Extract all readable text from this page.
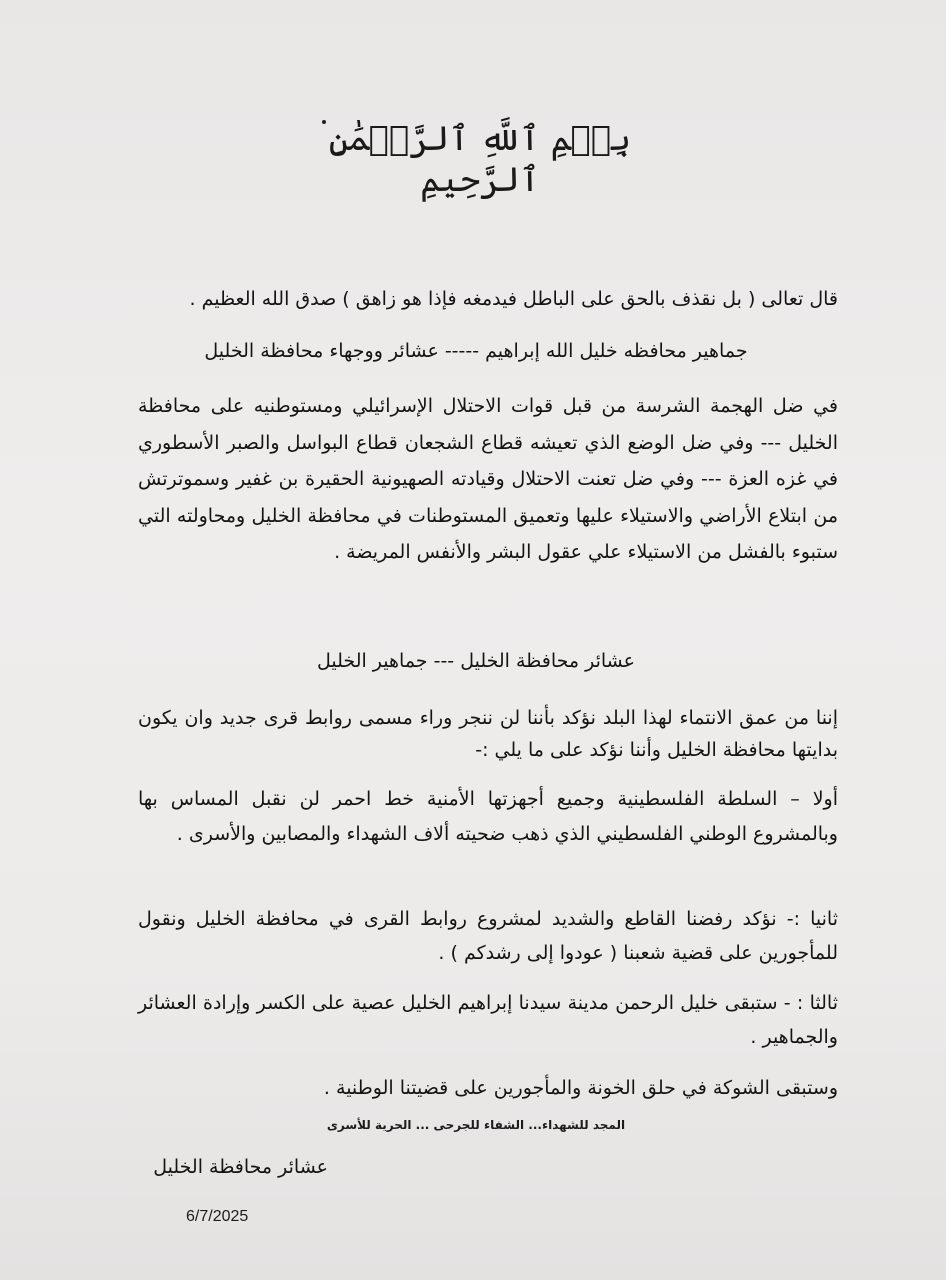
بِسۡمِ ٱللَّهِ ٱلرَّحۡمَٰنِ ٱلرَّحِيمِ
قال تعالى ( بل نقذف بالحق على الباطل فيدمغه فإذا هو زاهق ) صدق الله العظيم .
جماهير محافظه خليل الله إبراهيم ----- عشائر ووجهاء محافظة الخليل
في ضل الهجمة الشرسة من قبل قوات الاحتلال الإسرائيلي ومستوطنيه على محافظة الخليل --- وفي ضل الوضع الذي تعيشه قطاع الشجعان قطاع البواسل والصبر الأسطوري في غزه العزة --- وفي ضل تعنت الاحتلال وقيادته الصهيونية الحقيرة بن غفير وسموترتش من ابتلاع الأراضي والاستيلاء عليها وتعميق المستوطنات في محافظة الخليل ومحاولته التي ستبوء بالفشل من الاستيلاء علي عقول البشر والأنفس المريضة .
عشائر محافظة الخليل --- جماهير الخليل
إننا من عمق الانتماء لهذا البلد نؤكد بأننا لن ننجر وراء مسمى روابط قرى جديد وان يكون بدايتها محافظة الخليل وأننا نؤكد على ما يلي :-
أولا – السلطة الفلسطينية وجميع أجهزتها الأمنية خط احمر لن نقبل المساس بها وبالمشروع الوطني الفلسطيني الذي ذهب ضحيته ألاف الشهداء والمصابين والأسرى .
ثانيا :- نؤكد رفضنا القاطع والشديد لمشروع روابط القرى في محافظة الخليل ونقول للمأجورين على قضية شعبنا ( عودوا إلى رشدكم ) .
ثالثا : - ستبقى خليل الرحمن مدينة سيدنا إبراهيم الخليل عصية على الكسر وإرادة العشائر والجماهير .
وستبقى الشوكة في حلق الخونة والمأجورين على قضيتنا الوطنية .
المجد للشهداء... الشفاء للجرحى ... الحرية للأسرى
عشائر محافظة الخليل
6/7/2025
